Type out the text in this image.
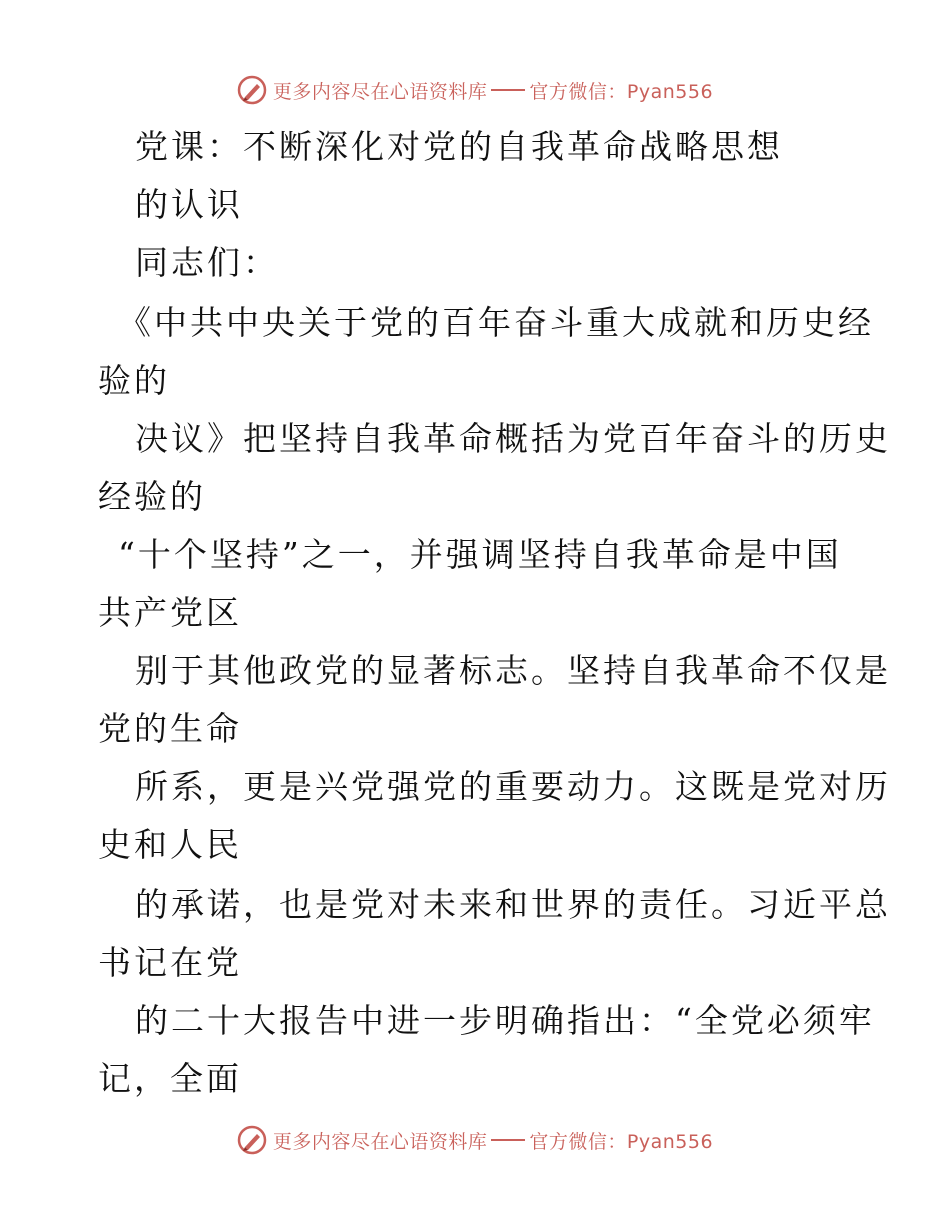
更多内容尽在心语资料库 官方微信：Pyan556
党课：不断深化对党的自我革命战略思想
的认识
同志们：
《中共中央关于党的百年奋斗重大成就和历史经
验的
决议》把坚持自我革命概括为党百年奋斗的历史
经验的
“十个坚持”之一，并强调坚持自我革命是中国
共产党区
别于其他政党的显著标志。坚持自我革命不仅是
党的生命
所系，更是兴党强党的重要动力。这既是党对历
史和人民
的承诺，也是党对未来和世界的责任。习近平总
书记在党
的二十大报告中进一步明确指出：“全党必须牢
记，全面
更多内容尽在心语资料库 官方微信：Pyan556
